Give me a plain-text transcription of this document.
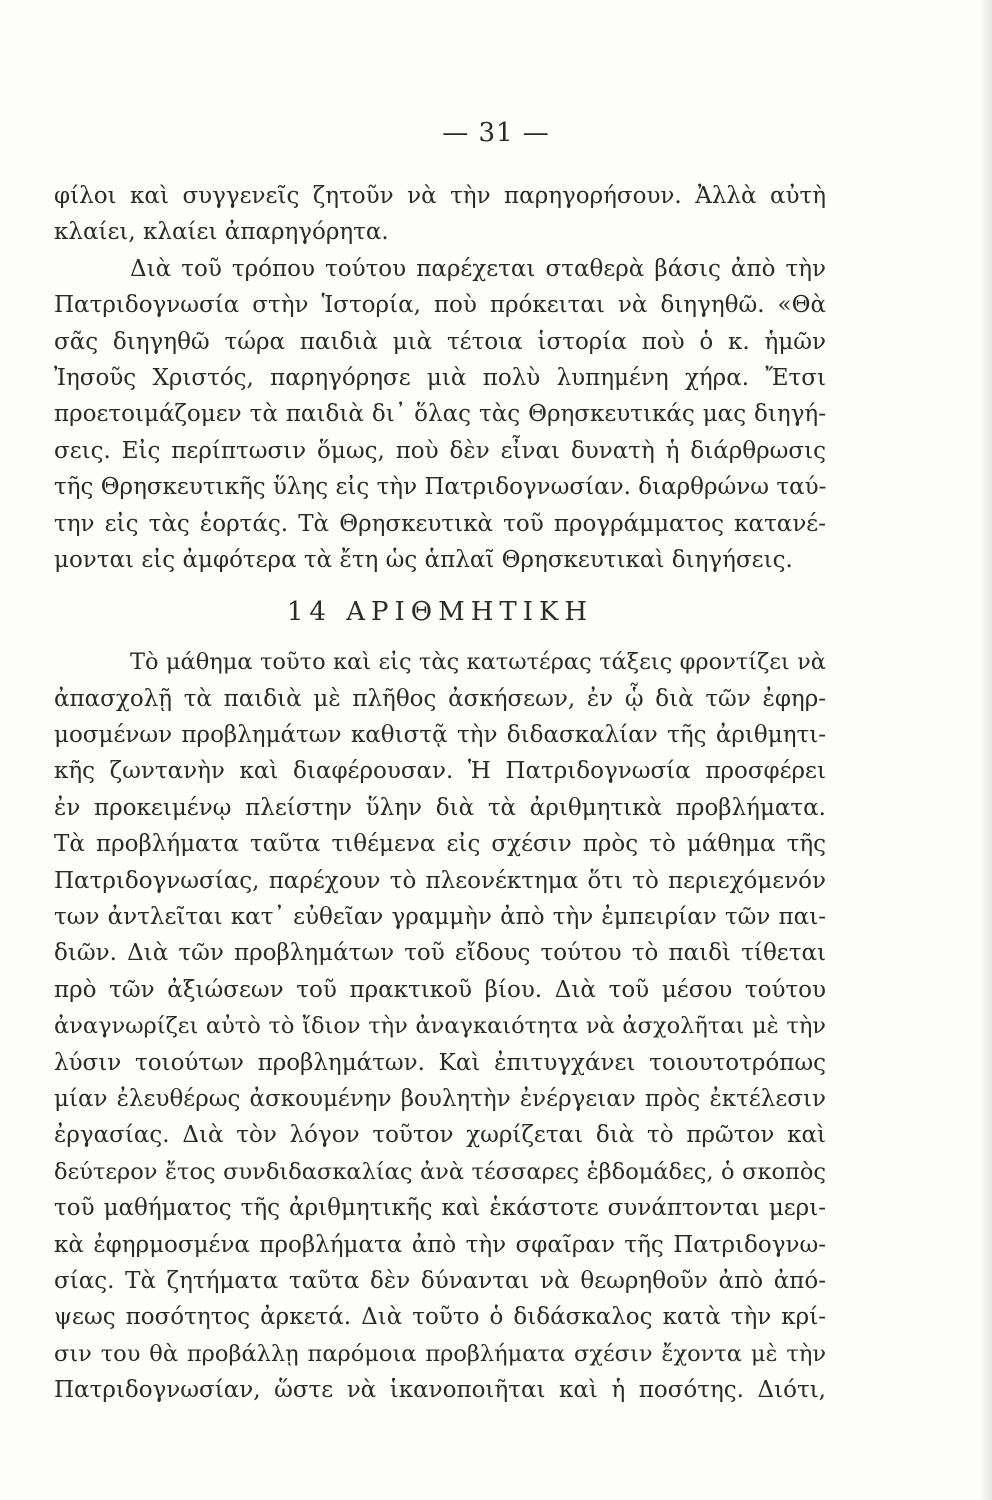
— 31 —
φίλοι καὶ συγγενεῖς ζητοῦν νὰ τὴν παρηγορήσουν. Ἀλλὰ αὐτὴ
κλαίει, κλαίει ἀπαρηγόρητα.
Διὰ τοῦ τρόπου τούτου παρέχεται σταθερὰ βάσις ἀπὸ τὴν
Πατριδογνωσία στὴν Ἱστορία, ποὺ πρόκειται νὰ διηγηθῶ. «Θὰ
σᾶς διηγηθῶ τώρα παιδιὰ μιὰ τέτοια ἱστορία ποὺ ὁ κ. ἡμῶν
Ἰησοῦς Χριστός, παρηγόρησε μιὰ πολὺ λυπημένη χήρα. Ἔτσι
προετοιμάζομεν τὰ παιδιὰ δι᾿ ὅλας τὰς Θρησκευτικάς μας διηγή-
σεις. Εἰς περίπτωσιν ὅμως, ποὺ δὲν εἶναι δυνατὴ ἡ διάρθρωσις
τῆς Θρησκευτικῆς ὕλης εἰς τὴν Πατριδογνωσίαν. διαρθρώνω ταύ-
την εἰς τὰς ἑορτάς. Τὰ Θρησκευτικὰ τοῦ προγράμματος κατανέ-
μονται εἰς ἀμφότερα τὰ ἔτη ὡς ἁπλαῖ Θρησκευτικαὶ διηγήσεις.
14 ΑΡΙΘΜΗΤΙΚΗ
Τὸ μάθημα τοῦτο καὶ εἰς τὰς κατωτέρας τάξεις φροντίζει νὰ
ἀπασχολῇ τὰ παιδιὰ μὲ πλῆθος ἀσκήσεων, ἐν ᾧ διὰ τῶν ἐφηρ-
μοσμένων προβλημάτων καθιστᾷ τὴν διδασκαλίαν τῆς ἀριθμητι-
κῆς ζωντανὴν καὶ διαφέρουσαν. Ἡ Πατριδογνωσία προσφέρει
ἐν προκειμένῳ πλείστην ὕλην διὰ τὰ ἀριθμητικὰ προβλήματα.
Τὰ προβλήματα ταῦτα τιθέμενα εἰς σχέσιν πρὸς τὸ μάθημα τῆς
Πατριδογνωσίας, παρέχουν τὸ πλεονέκτημα ὅτι τὸ περιεχόμενόν
των ἀντλεῖται κατ᾿ εὐθεῖαν γραμμὴν ἀπὸ τὴν ἐμπειρίαν τῶν παι-
διῶν. Διὰ τῶν προβλημάτων τοῦ εἴδους τούτου τὸ παιδὶ τίθεται
πρὸ τῶν ἀξιώσεων τοῦ πρακτικοῦ βίου. Διὰ τοῦ μέσου τούτου
ἀναγνωρίζει αὐτὸ τὸ ἴδιον τὴν ἀναγκαιότητα νὰ ἀσχολῆται μὲ τὴν
λύσιν τοιούτων προβλημάτων. Καὶ ἐπιτυγχάνει τοιουτοτρόπως
μίαν ἐλευθέρως ἀσκουμένην βουλητὴν ἐνέργειαν πρὸς ἐκτέλεσιν
ἐργασίας. Διὰ τὸν λόγον τοῦτον χωρίζεται διὰ τὸ πρῶτον καὶ
δεύτερον ἔτος συνδιδασκαλίας ἀνὰ τέσσαρες ἑβδομάδες, ὁ σκοπὸς
τοῦ μαθήματος τῆς ἀριθμητικῆς καὶ ἑκάστοτε συνάπτονται μερι-
κὰ ἐφηρμοσμένα προβλήματα ἀπὸ τὴν σφαῖραν τῆς Πατριδογνω-
σίας. Τὰ ζητήματα ταῦτα δὲν δύνανται νὰ θεωρηθοῦν ἀπὸ ἀπό-
ψεως ποσότητος ἀρκετά. Διὰ τοῦτο ὁ διδάσκαλος κατὰ τὴν κρί-
σιν του θὰ προβάλλῃ παρόμοια προβλήματα σχέσιν ἔχοντα μὲ τὴν
Πατριδογνωσίαν, ὥστε νὰ ἱκανοποιῆται καὶ ἡ ποσότης. Διότι,
